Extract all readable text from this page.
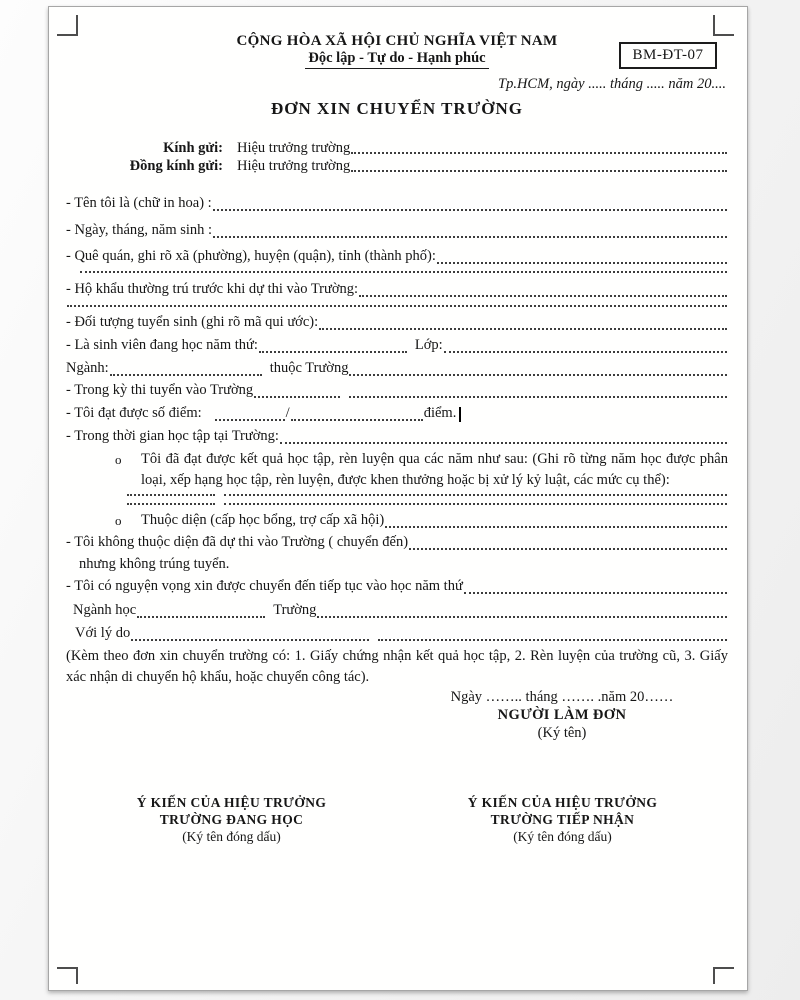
BM-ĐT-07
CỘNG HÒA XÃ HỘI CHỦ NGHĨA VIỆT NAM
Độc lập - Tự do - Hạnh phúc
Tp.HCM, ngày ..... tháng ..... năm 20....
ĐƠN XIN CHUYỂN TRƯỜNG
Kính gửi: Hiệu trưởng trường
Đồng kính gửi: Hiệu trưởng trường
- Tên tôi là (chữ in hoa) :
- Ngày, tháng, năm sinh :
- Quê quán, ghi rõ xã (phường), huyện (quận), tỉnh (thành phố):
- Hộ khẩu thường trú trước khi dự thi vào Trường:
- Đối tượng tuyển sinh (ghi rõ mã qui ước):
- Là sinh viên đang học năm thứ:	Lớp:
Ngành:	thuộc Trường
- Trong kỳ thi tuyển vào Trường
- Tôi đạt được số điểm:	/	điểm.
- Trong thời gian học tập tại Trường:
o	Tôi đã đạt được kết quả học tập, rèn luyện qua các năm như sau: (Ghi rõ từng năm học được phân loại, xếp hạng học tập, rèn luyện, được khen thưởng hoặc bị xử lý kỷ luật, các mức cụ thể):
o	Thuộc diện (cấp học bổng, trợ cấp xã hội)
- Tôi không thuộc diện đã dự thi vào Trường ( chuyển đến)
nhưng không trúng tuyển.
- Tôi có nguyện vọng xin được chuyển đến tiếp tục vào học năm thứ
Ngành học	Trường
Với lý do
(Kèm theo đơn xin chuyển trường có: 1. Giấy chứng nhận kết quả học tập, 2. Rèn luyện của trường cũ, 3. Giấy xác nhận di chuyển hộ khẩu, hoặc chuyển công tác).
Ngày …….. tháng ……. .năm 20……
NGƯỜI LÀM ĐƠN
(Ký tên)
Ý KIẾN CỦA HIỆU TRƯỞNG
TRƯỜNG ĐANG HỌC
(Ký tên đóng dấu)
Ý KIẾN CỦA HIỆU TRƯỞNG
TRƯỜNG TIẾP NHẬN
(Ký tên đóng dấu)
